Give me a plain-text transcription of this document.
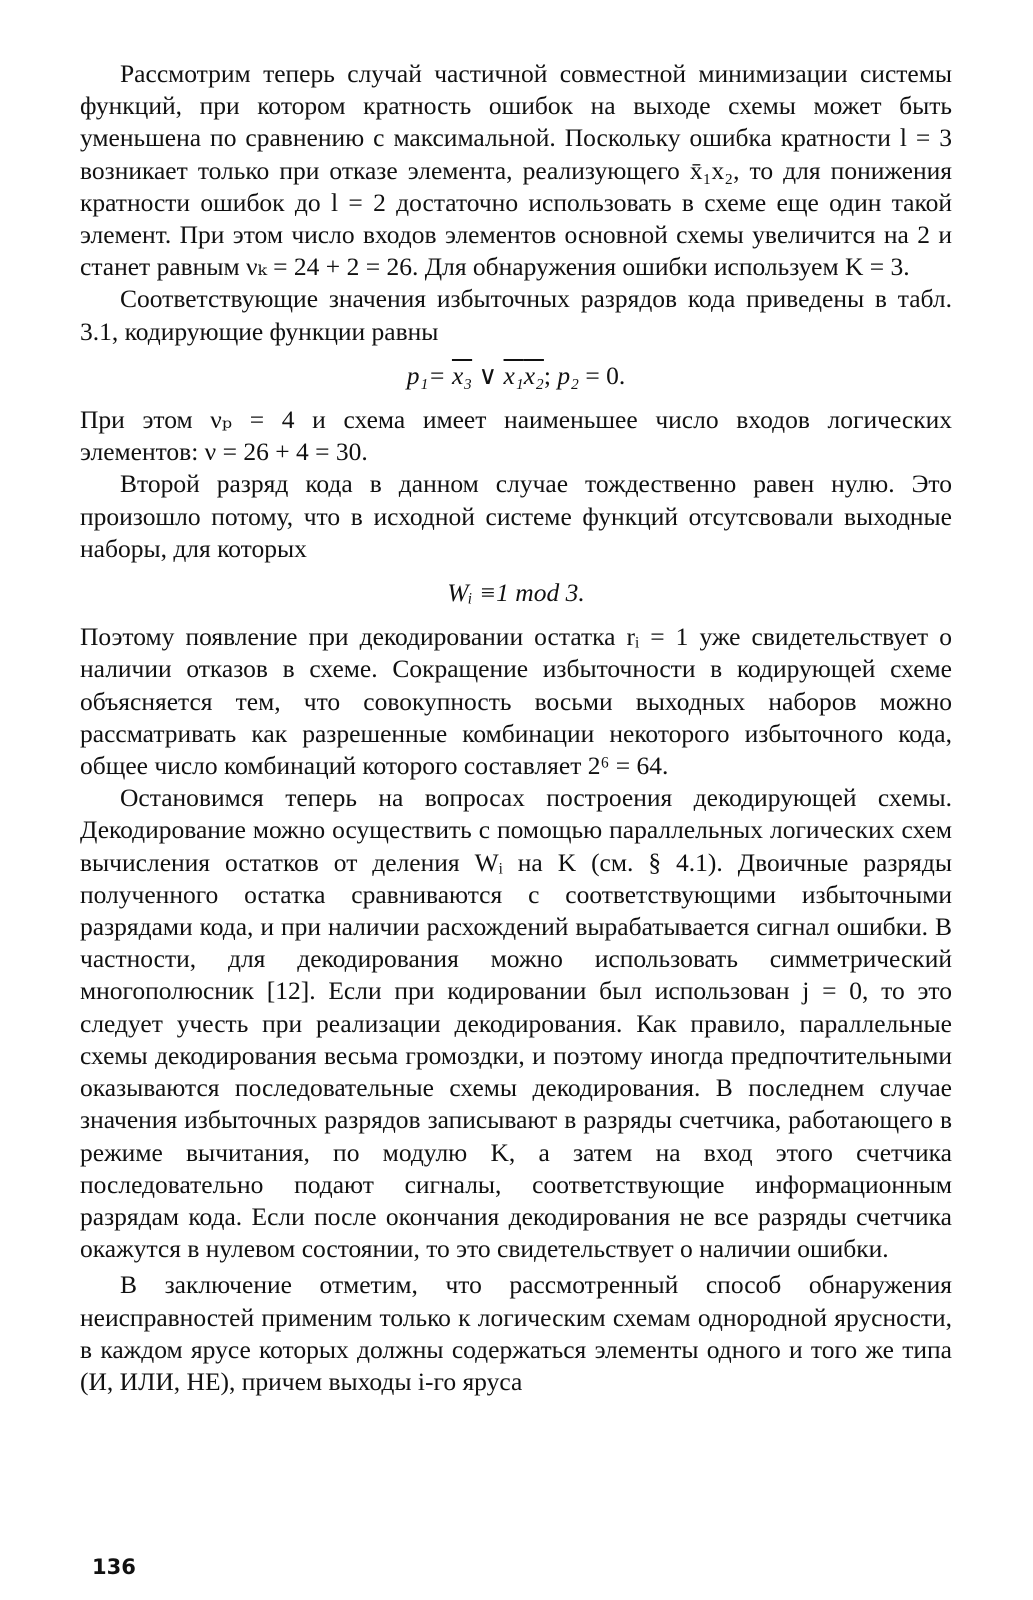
Рассмотрим теперь случай частичной совместной минимизации системы функций, при котором кратность ошибок на выходе схемы может быть уменьшена по сравнению с максимальной. Поскольку ошибка кратности l = 3 возникает только при отказе элемента, реализующего x̄₁x₂, то для понижения кратности ошибок до l = 2 достаточно использовать в схеме еще один такой элемент. При этом число входов элементов основной схемы увеличится на 2 и станет равным νₖ = 24 + 2 = 26. Для обнаружения ошибки используем K = 3.

Соответствующие значения избыточных разрядов кода приведены в табл. 3.1, кодирующие функции равны

p₁= x₃ ∨ x₁x₂; p₂ = 0.

При этом νₚ = 4 и схема имеет наименьшее число входов логических элементов: ν = 26 + 4 = 30.

Второй разряд кода в данном случае тождественно равен нулю. Это произошло потому, что в исходной системе функций отсутсвовали выходные наборы, для которых

Wᵢ ≡1 mod 3.

Поэтому появление при декодировании остатка rᵢ = 1 уже свидетельствует о наличии отказов в схеме. Сокращение избыточности в кодирующей схеме объясняется тем, что совокупность восьми выходных наборов можно рассматривать как разрешенные комбинации некоторого избыточного кода, общее число комбинаций которого составляет 2⁶ = 64.

Остановимся теперь на вопросах построения декодирующей схемы. Декодирование можно осуществить с помощью параллельных логических схем вычисления остатков от деления Wᵢ на K (см. § 4.1). Двоичные разряды полученного остатка сравниваются с соответствующими избыточными разрядами кода, и при наличии расхождений вырабатывается сигнал ошибки. В частности, для декодирования можно использовать симметрический многополюсник [12]. Если при кодировании был использован j = 0, то это следует учесть при реализации декодирования. Как правило, параллельные схемы декодирования весьма громоздки, и поэтому иногда предпочтительными оказываются последовательные схемы декодирования. В последнем случае значения избыточных разрядов записывают в разряды счетчика, работающего в режиме вычитания, по модулю K, а затем на вход этого счетчика последовательно подают сигналы, соответствующие информационным разрядам кода. Если после окончания декодирования не все разряды счетчика окажутся в нулевом состоянии, то это свидетельствует о наличии ошибки.

В заключение отметим, что рассмотренный способ обнаружения неисправностей применим только к логическим схемам однородной ярусности, в каждом ярусе которых должны содержаться элементы одного и того же типа (И, ИЛИ, НЕ), причем выходы i-го яруса

136
